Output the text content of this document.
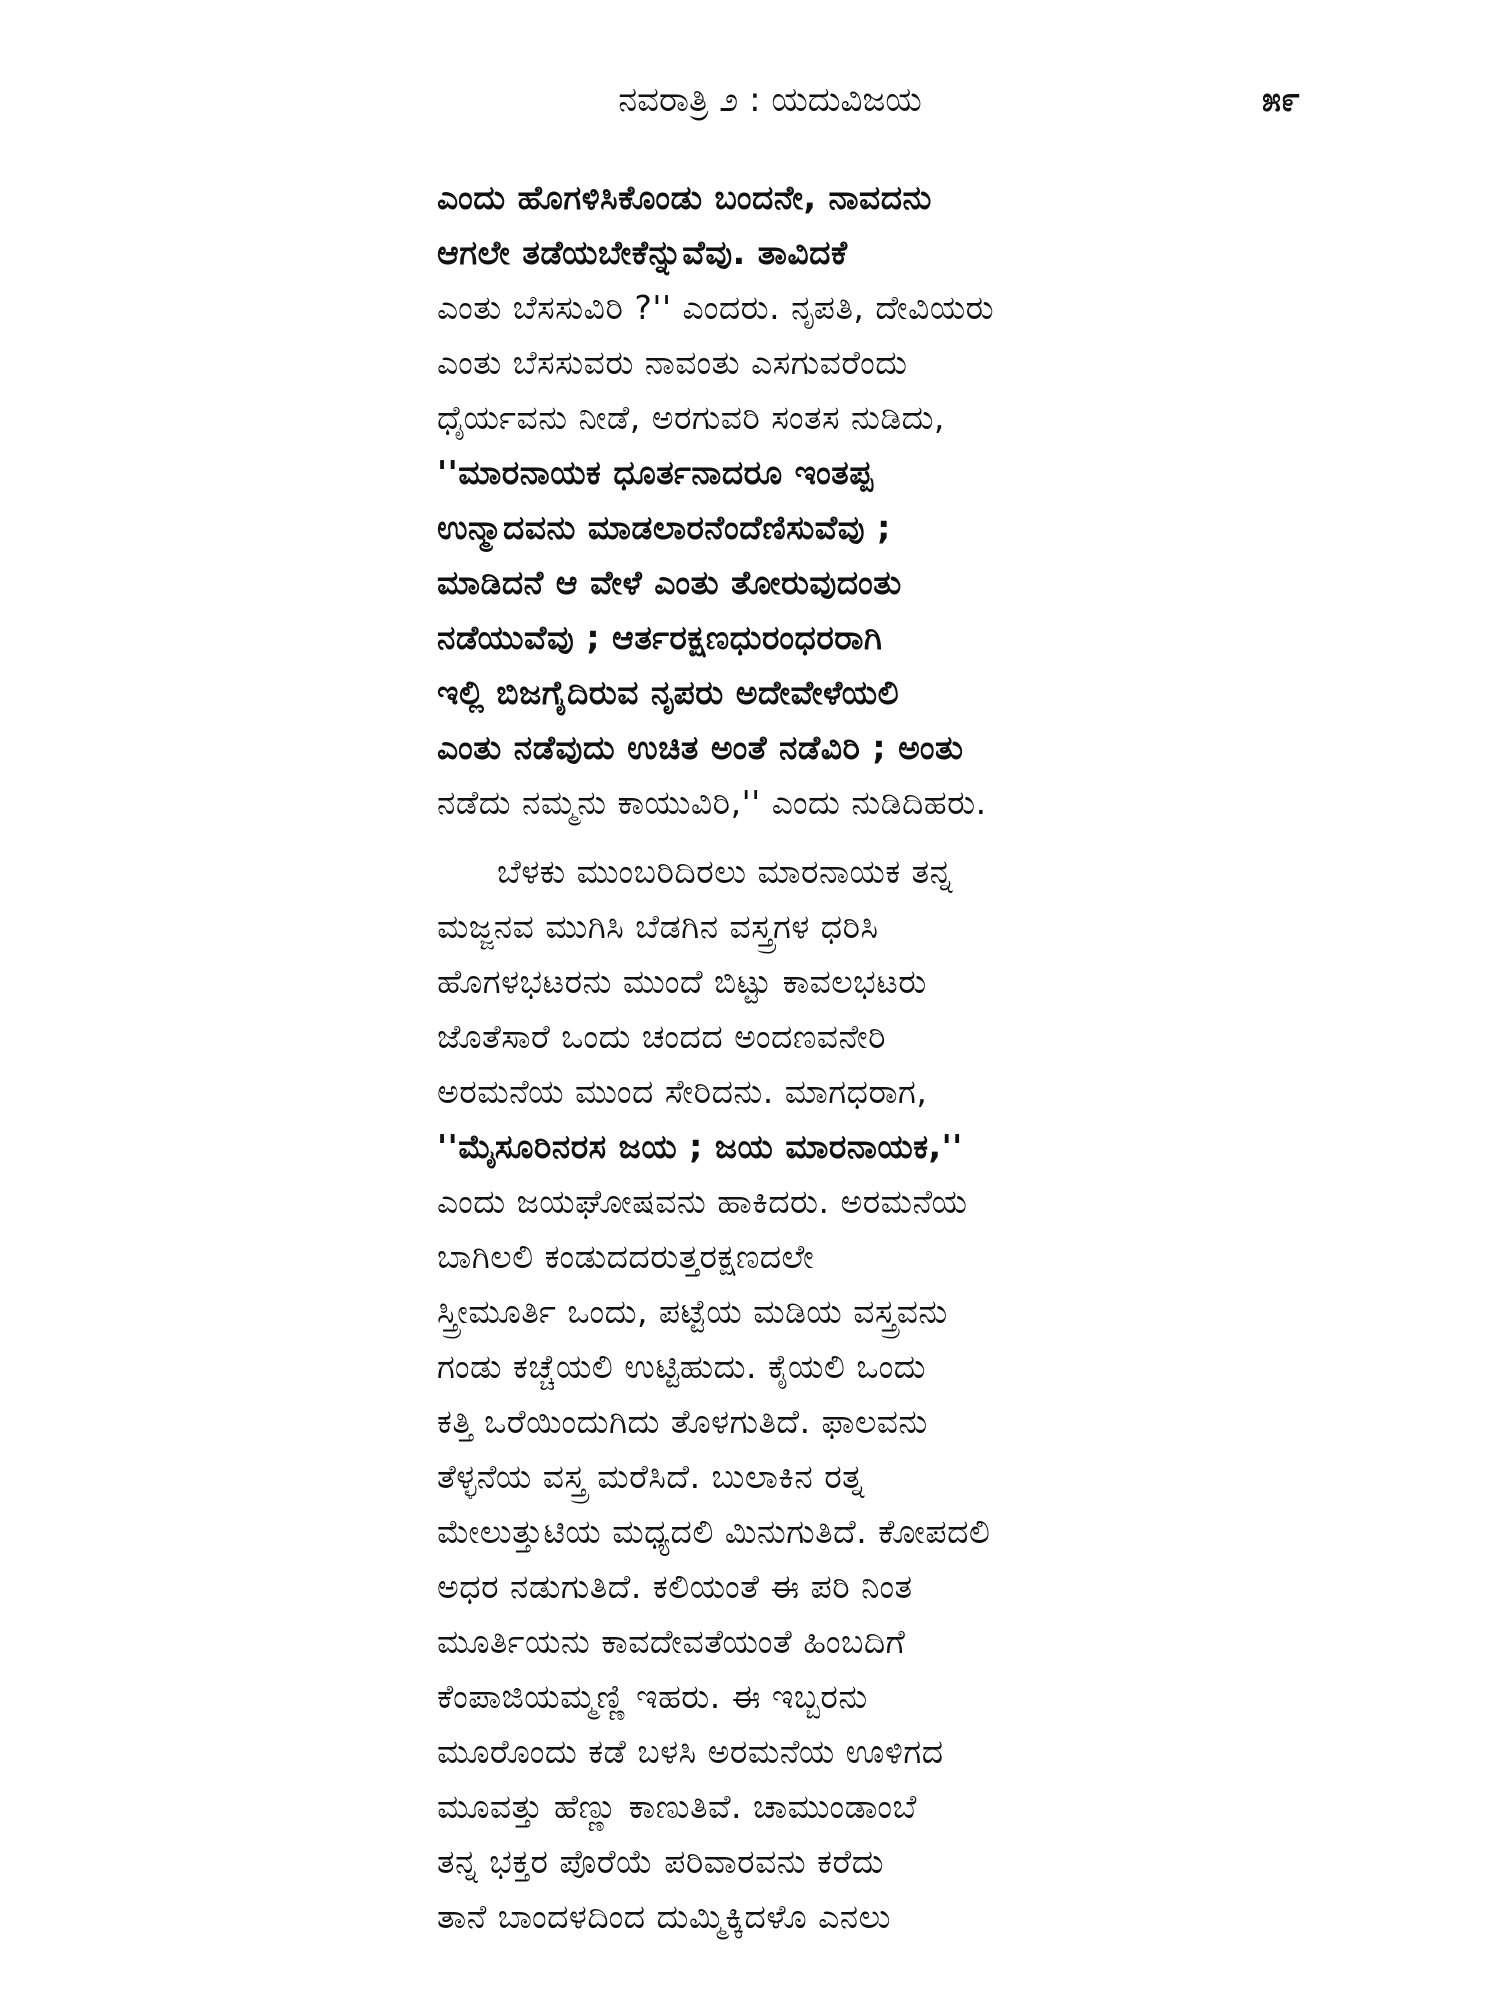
ನವರಾತ್ರಿ ೨ : ಯದುವಿಜಯ	೫೯
ಎಂದು ಹೊಗಳಿಸಿಕೊಂಡು ಬಂದನೇ, ನಾವದನು
ಆಗಲೇ ತಡೆಯಬೇಕೆನ್ನುವೆವು. ತಾವಿದಕೆ
ಎಂತು ಬೆಸಸುವಿರಿ ?'' ಎಂದರು. ನೃಪತಿ, ದೇವಿಯರು
ಎಂತು ಬೆಸಸುವರು ನಾವಂತು ಎಸಗುವರೆಂದು
ಧೈರ್ಯವನು ನೀಡೆ, ಅರಗುವರಿ ಸಂತಸ ನುಡಿದು,
''ಮಾರನಾಯಕ ಧೂರ್ತನಾದರೂ ಇಂತಪ್ಪ
ಉನ್ಮಾದವನು ಮಾಡಲಾರನೆಂದೆಣಿಸುವೆವು ;
ಮಾಡಿದನೆ ಆ ವೇಳೆ ಎಂತು ತೋರುವುದಂತು
ನಡೆಯುವೆವು ; ಆರ್ತರಕ್ಷಣಧುರಂಧರರಾಗಿ
ಇಲ್ಲಿ ಬಿಜಗೈದಿರುವ ನೃಪರು ಅದೇವೇಳೆಯಲಿ
ಎಂತು ನಡೆವುದು ಉಚಿತ ಅಂತೆ ನಡೆವಿರಿ ; ಅಂತು
ನಡೆದು ನಮ್ಮನು ಕಾಯುವಿರಿ,'' ಎಂದು ನುಡಿದಿಹರು.
ಬೆಳಕು ಮುಂಬರಿದಿರಲು ಮಾರನಾಯಕ ತನ್ನ
ಮಜ್ಜನವ ಮುಗಿಸಿ ಬೆಡಗಿನ ವಸ್ತ್ರಗಳ ಧರಿಸಿ
ಹೊಗಳಭಟರನು ಮುಂದೆ ಬಿಟ್ಟು ಕಾವಲಭಟರು
ಜೊತೆಸಾರೆ ಒಂದು ಚಂದದ ಅಂದಣವನೇರಿ
ಅರಮನೆಯ ಮುಂದ ಸೇರಿದನು. ಮಾಗಧರಾಗ,
''ಮೈಸೂರಿನರಸ ಜಯ ; ಜಯ ಮಾರನಾಯಕ,''
ಎಂದು ಜಯಘೋಷವನು ಹಾಕಿದರು. ಅರಮನೆಯ
ಬಾಗಿಲಲಿ ಕಂಡುದದರುತ್ತರಕ್ಷಣದಲೇ
ಸ್ತ್ರೀಮೂರ್ತಿ ಒಂದು, ಪಟ್ಟೆಯ ಮಡಿಯ ವಸ್ತ್ರವನು
ಗಂಡು ಕಚ್ಚೆಯಲಿ ಉಟ್ಟಿಹುದು. ಕೈಯಲಿ ಒಂದು
ಕತ್ತಿ ಒರೆಯಿಂದುಗಿದು ತೊಳಗುತಿದೆ. ಫಾಲವನು
ತೆಳ್ಳನೆಯ ವಸ್ತ್ರ ಮರೆಸಿದೆ. ಬುಲಾಕಿನ ರತ್ನ
ಮೇಲುತ್ತುಟಿಯ ಮಧ್ಯದಲಿ ಮಿನುಗುತಿದೆ. ಕೋಪದಲಿ
ಅಧರ ನಡುಗುತಿದೆ. ಕಲಿಯಂತೆ ಈ ಪರಿ ನಿಂತ
ಮೂರ್ತಿಯನು ಕಾವದೇವತೆಯಂತೆ ಹಿಂಬದಿಗೆ
ಕೆಂಪಾಜಿಯಮ್ಮಣ್ಣಿ ಇಹರು. ಈ ಇಬ್ಬರನು
ಮೂರೊಂದು ಕಡೆ ಬಳಸಿ ಅರಮನೆಯ ಊಳಿಗದ
ಮೂವತ್ತು ಹೆಣ್ಣು ಕಾಣುತಿವೆ. ಚಾಮುಂಡಾಂಬೆ
ತನ್ನ ಭಕ್ತರ ಪೊರೆಯೆ ಪರಿವಾರವನು ಕರೆದು
ತಾನೆ ಬಾಂದಳದಿಂದ ದುಮ್ಮಿಕ್ಕಿದಳೊ ಎನಲು
